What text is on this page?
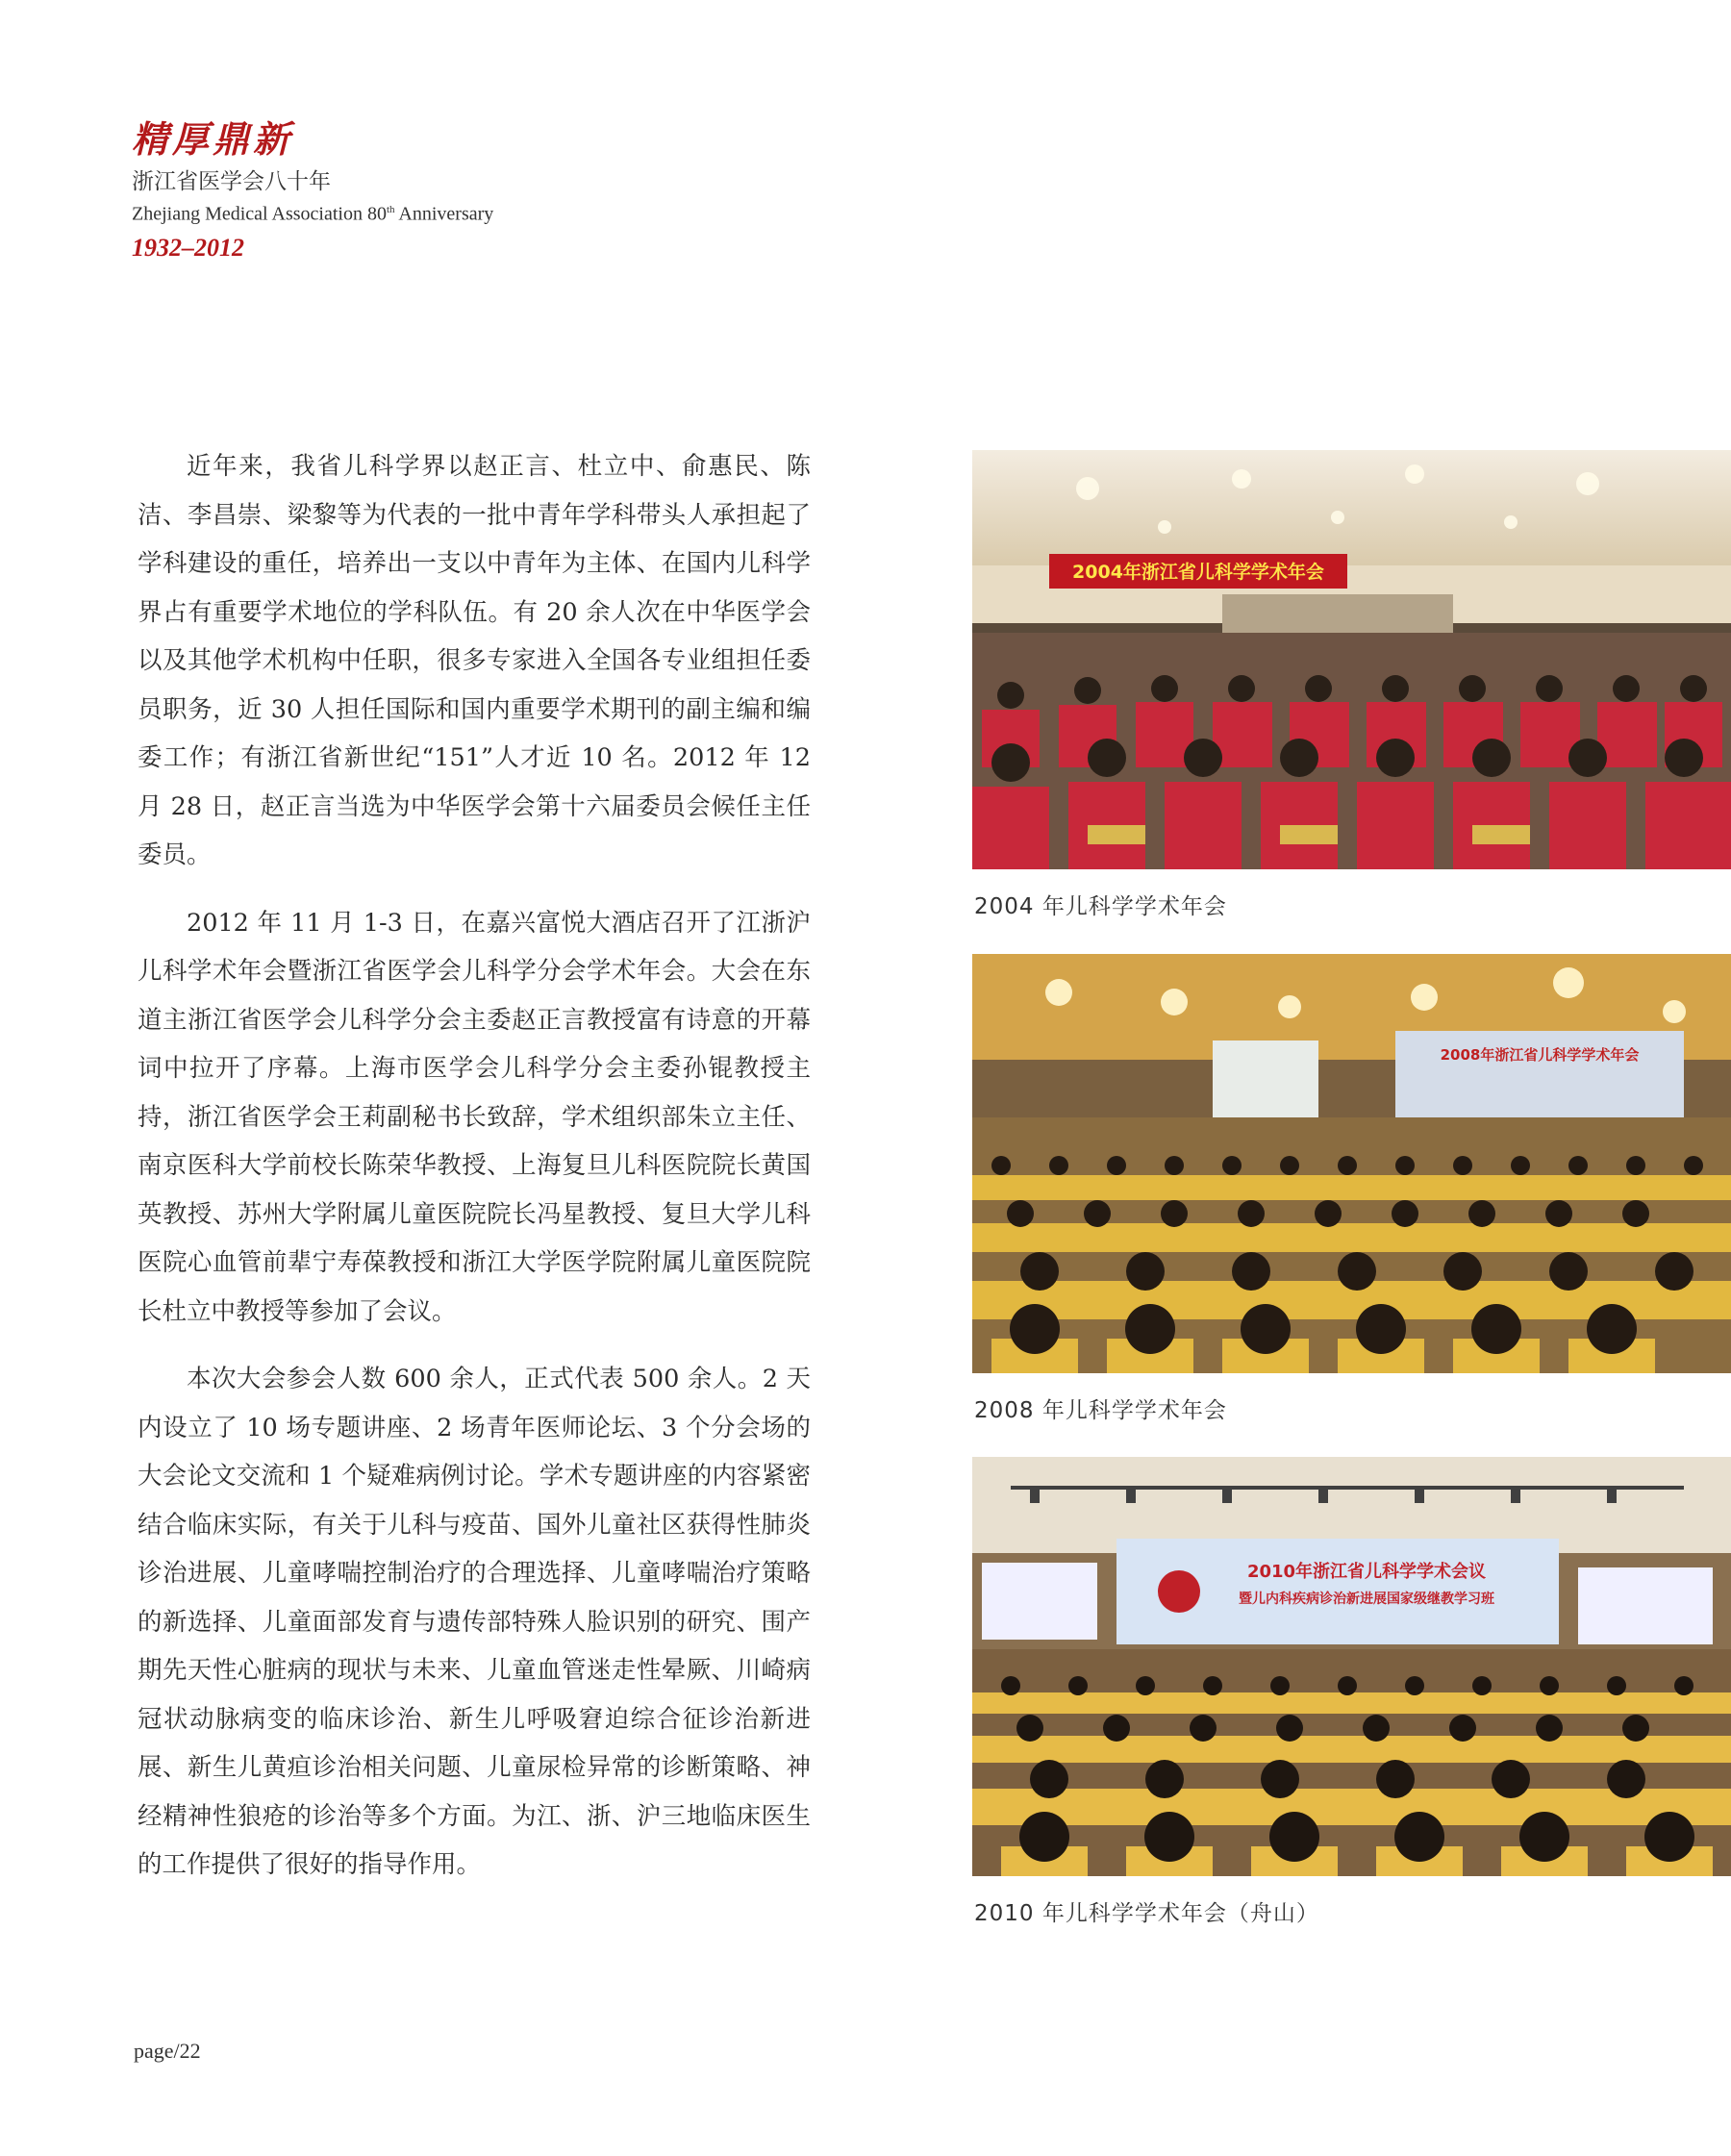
精厚鼎新
浙江省医学会八十年
Zhejiang Medical Association 80th Anniversary
1932–2012

近年来，我省儿科学界以赵正言、杜立中、俞惠民、陈洁、李昌崇、梁黎等为代表的一批中青年学科带头人承担起了学科建设的重任，培养出一支以中青年为主体、在国内儿科学界占有重要学术地位的学科队伍。有 20 余人次在中华医学会以及其他学术机构中任职，很多专家进入全国各专业组担任委员职务，近 30 人担任国际和国内重要学术期刊的副主编和编委工作；有浙江省新世纪“151”人才近 10 名。2012 年 12 月 28 日，赵正言当选为中华医学会第十六届委员会候任主任委员。

2012 年 11 月 1-3 日，在嘉兴富悦大酒店召开了江浙沪儿科学术年会暨浙江省医学会儿科学分会学术年会。大会在东道主浙江省医学会儿科学分会主委赵正言教授富有诗意的开幕词中拉开了序幕。上海市医学会儿科学分会主委孙锟教授主持，浙江省医学会王莉副秘书长致辞，学术组织部朱立主任、南京医科大学前校长陈荣华教授、上海复旦儿科医院院长黄国英教授、苏州大学附属儿童医院院长冯星教授、复旦大学儿科医院心血管前辈宁寿葆教授和浙江大学医学院附属儿童医院院长杜立中教授等参加了会议。

本次大会参会人数 600 余人，正式代表 500 余人。2 天内设立了 10 场专题讲座、2 场青年医师论坛、3 个分会场的大会论文交流和 1 个疑难病例讨论。学术专题讲座的内容紧密结合临床实际，有关于儿科与疫苗、国外儿童社区获得性肺炎诊治进展、儿童哮喘控制治疗的合理选择、儿童哮喘治疗策略的新选择、儿童面部发育与遗传部特殊人脸识别的研究、围产期先天性心脏病的现状与未来、儿童血管迷走性晕厥、川崎病冠状动脉病变的临床诊治、新生儿呼吸窘迫综合征诊治新进展、新生儿黄疸诊治相关问题、儿童尿检异常的诊断策略、神经精神性狼疮的诊治等多个方面。为江、浙、沪三地临床医生的工作提供了很好的指导作用。

2004年浙江省儿科学学术年会
2004 年儿科学学术年会
2008年浙江省儿科学学术年会
2008 年儿科学学术年会
2010年浙江省儿科学学术会议
暨儿内科疾病诊治新进展国家级继教学习班
2010 年儿科学学术年会（舟山）
page/22
